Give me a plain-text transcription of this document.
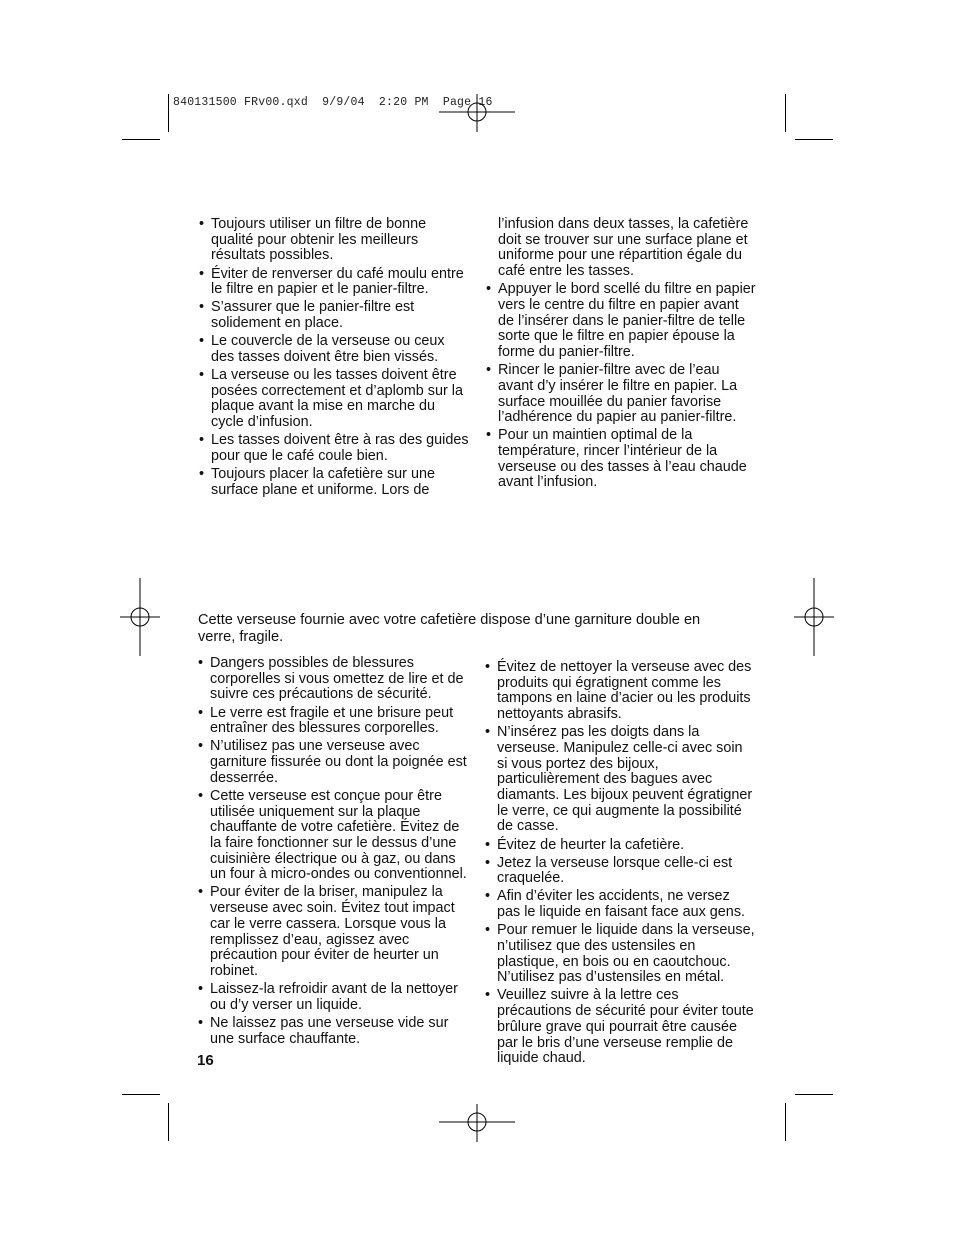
840131500 FRv00.qxd  9/9/04  2:20 PM  Page 16
• Toujours utiliser un filtre de bonne qualité pour obtenir les meilleurs résultats possibles.
• Éviter de renverser du café moulu entre le filtre en papier et le panier-filtre.
• S’assurer que le panier-filtre est solidement en place.
• Le couvercle de la verseuse ou ceux des tasses doivent être bien vissés.
• La verseuse ou les tasses doivent être posées correctement et d’aplomb sur la plaque avant la mise en marche du cycle d’infusion.
• Les tasses doivent être à ras des guides pour que le café coule bien.
• Toujours placer la cafetière sur une surface plane et uniforme. Lors de
l’infusion dans deux tasses, la cafetière doit se trouver sur une surface plane et uniforme pour une répartition égale du café entre les tasses.
• Appuyer le bord scellé du filtre en papier vers le centre du filtre en papier avant de l’insérer dans le panier-filtre de telle sorte que le filtre en papier épouse la forme du panier-filtre.
• Rincer le panier-filtre avec de l’eau avant d’y insérer le filtre en papier. La surface mouillée du panier favorise l’adhérence du papier au panier-filtre.
• Pour un maintien optimal de la température, rincer l’intérieur de la verseuse ou des tasses à l’eau chaude avant l’infusion.
Cette verseuse fournie avec votre cafetière dispose d’une garniture double en verre, fragile.
• Dangers possibles de blessures corporelles si vous omettez de lire et de suivre ces précautions de sécurité.
• Le verre est fragile et une brisure peut entraîner des blessures corporelles.
• N’utilisez pas une verseuse avec garniture fissurée ou dont la poignée est desserrée.
• Cette verseuse est conçue pour être utilisée uniquement sur la plaque chauffante de votre cafetière. Évitez de la faire fonctionner sur le dessus d’une cuisinière électrique ou à gaz, ou dans un four à micro-ondes ou conventionnel.
• Pour éviter de la briser, manipulez la verseuse avec soin. Évitez tout impact car le verre cassera. Lorsque vous la remplissez d’eau, agissez avec précaution pour éviter de heurter un robinet.
• Laissez-la refroidir avant de la nettoyer ou d’y verser un liquide.
• Ne laissez pas une verseuse vide sur une surface chauffante.
• Évitez de nettoyer la verseuse avec des produits qui égratignent comme les tampons en laine d’acier ou les produits nettoyants abrasifs.
• N’insérez pas les doigts dans la verseuse. Manipulez celle-ci avec soin si vous portez des bijoux, particulièrement des bagues avec diamants. Les bijoux peuvent égratigner le verre, ce qui augmente la possibilité de casse.
• Évitez de heurter la cafetière.
• Jetez la verseuse lorsque celle-ci est craquelée.
• Afin d’éviter les accidents, ne versez pas le liquide en faisant face aux gens.
• Pour remuer le liquide dans la verseuse, n’utilisez que des ustensiles en plastique, en bois ou en caoutchouc. N’utilisez pas d’ustensiles en métal.
• Veuillez suivre à la lettre ces précautions de sécurité pour éviter toute brûlure grave qui pourrait être causée par le bris d’une verseuse remplie de liquide chaud.
16
